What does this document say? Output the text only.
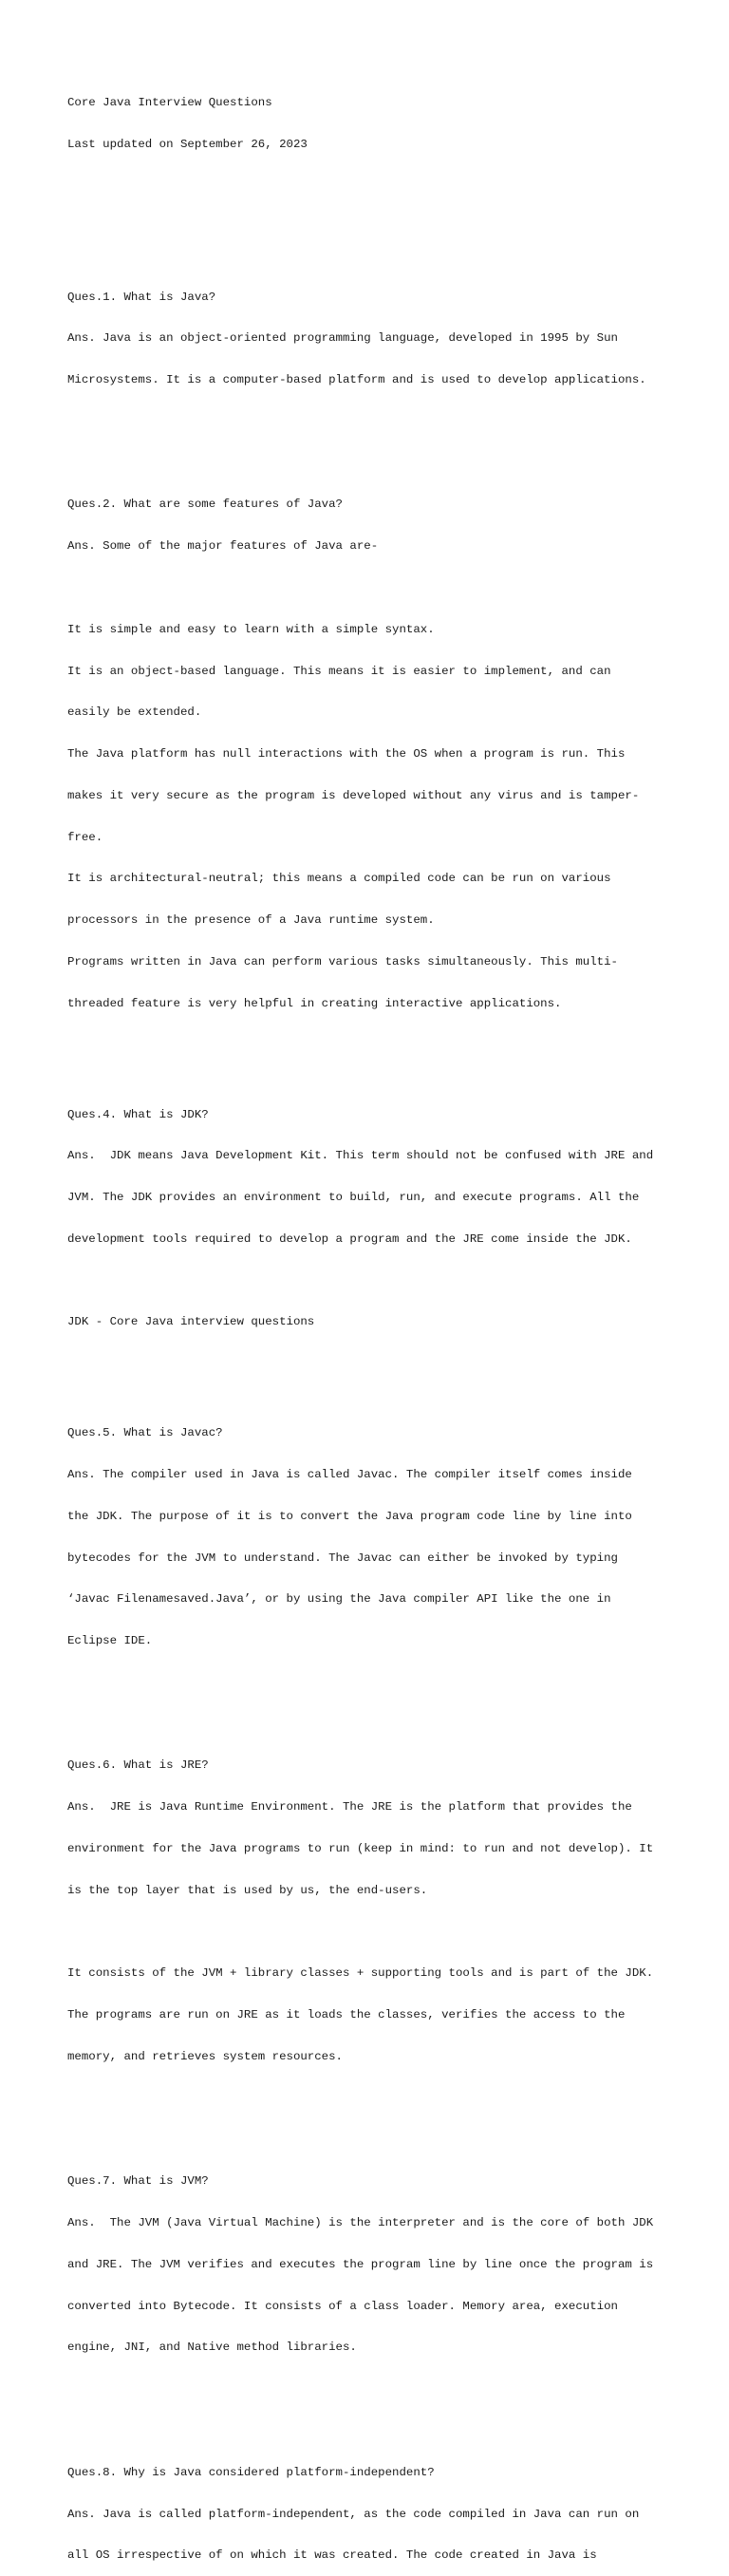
Core Java Interview Questions

Last updated on September 26, 2023

Ques.1. What is Java?

Ans. Java is an object-oriented programming language, developed in 1995 by Sun

Microsystems. It is a computer-based platform and is used to develop applications.

Ques.2. What are some features of Java?

Ans. Some of the major features of Java are-

It is simple and easy to learn with a simple syntax.

It is an object-based language. This means it is easier to implement, and can

easily be extended.

The Java platform has null interactions with the OS when a program is run. This

makes it very secure as the program is developed without any virus and is tamper-

free.

It is architectural-neutral; this means a compiled code can be run on various

processors in the presence of a Java runtime system.

Programs written in Java can perform various tasks simultaneously. This multi-

threaded feature is very helpful in creating interactive applications.

Ques.4. What is JDK?

Ans.  JDK means Java Development Kit. This term should not be confused with JRE and

JVM. The JDK provides an environment to build, run, and execute programs. All the

development tools required to develop a program and the JRE come inside the JDK.

JDK - Core Java interview questions

Ques.5. What is Javac?

Ans. The compiler used in Java is called Javac. The compiler itself comes inside

the JDK. The purpose of it is to convert the Java program code line by line into

bytecodes for the JVM to understand. The Javac can either be invoked by typing

‘Javac Filenamesaved.Java’, or by using the Java compiler API like the one in

Eclipse IDE.

Ques.6. What is JRE?

Ans.  JRE is Java Runtime Environment. The JRE is the platform that provides the

environment for the Java programs to run (keep in mind: to run and not develop). It

is the top layer that is used by us, the end-users.

It consists of the JVM + library classes + supporting tools and is part of the JDK.

The programs are run on JRE as it loads the classes, verifies the access to the

memory, and retrieves system resources.

Ques.7. What is JVM?

Ans.  The JVM (Java Virtual Machine) is the interpreter and is the core of both JDK

and JRE. The JVM verifies and executes the program line by line once the program is

converted into Bytecode. It consists of a class loader. Memory area, execution

engine, JNI, and Native method libraries.

Ques.8. Why is Java considered platform-independent?

Ans. Java is called platform-independent, as the code compiled in Java can run on

all OS irrespective of on which it was created. The code created in Java is
